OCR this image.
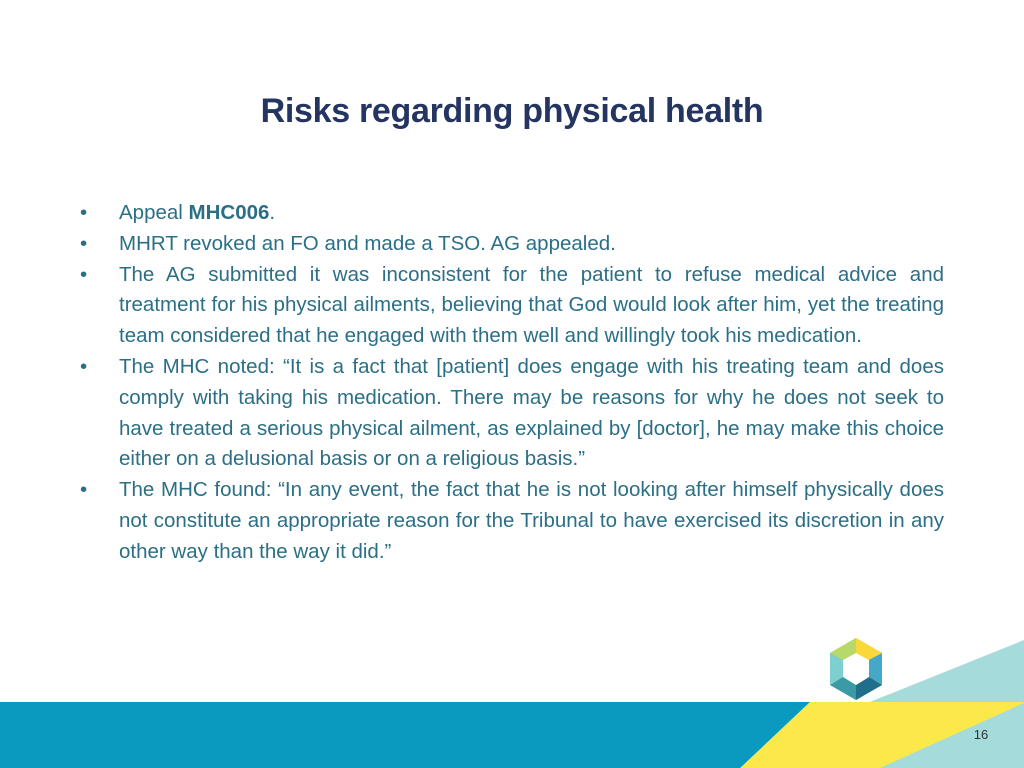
Risks regarding physical health
•	Appeal MHC006.
•	MHRT revoked an FO and made a TSO. AG appealed.
•	The AG submitted it was inconsistent for the patient to refuse medical advice and treatment for his physical ailments, believing that God would look after him, yet the treating team considered that he engaged with them well and willingly took his medication.
•	The MHC noted: “It is a fact that [patient] does engage with his treating team and does comply with taking his medication. There may be reasons for why he does not seek to have treated a serious physical ailment, as explained by [doctor], he may make this choice either on a delusional basis or on a religious basis.”
•	The MHC found: “In any event, the fact that he is not looking after himself physically does not constitute an appropriate reason for the Tribunal to have exercised its discretion in any other way than the way it did.”
16
